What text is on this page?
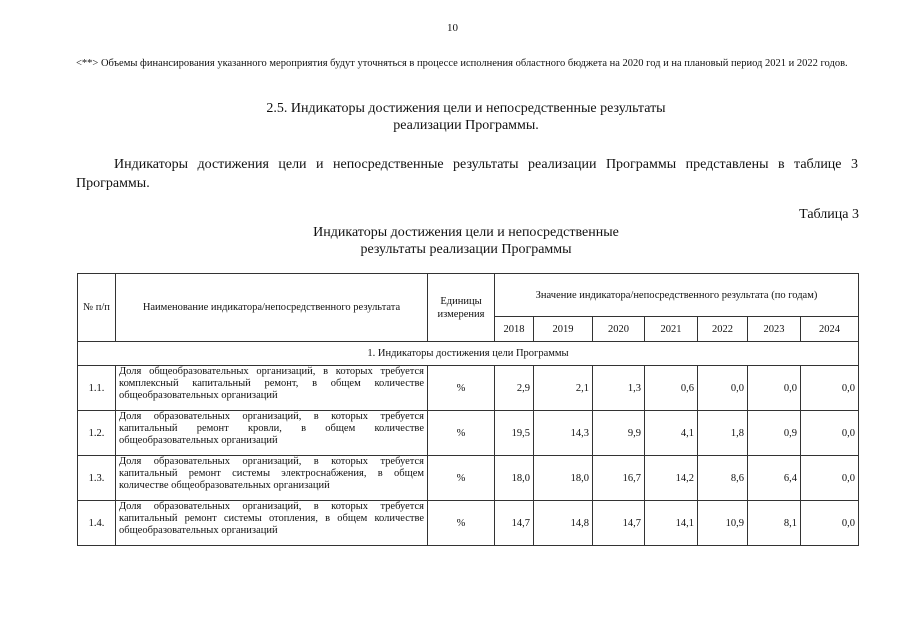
10
<**> Объемы финансирования указанного мероприятия будут уточняться в процессе исполнения областного бюджета на 2020 год и на плановый период 2021 и 2022 годов.
2.5. Индикаторы достижения цели и непосредственные результаты
реализации Программы.
Индикаторы достижения цели и непосредственные результаты реализации Программы представлены в таблице 3 Программы.
Таблица 3
Индикаторы достижения цели и непосредственные
результаты реализации Программы
№ п/п	Наименование индикатора/непосредственного результата	Единицы измерения	Значение индикатора/непосредственного результата (по годам)						
			2018	2019	2020	2021	2022	2023	2024
1. Индикаторы достижения цели Программы									
1.1.	Доля общеобразовательных организаций, в которых требуется комплексный капитальный ремонт, в общем количестве общеобразовательных организаций	%	2,9	2,1	1,3	0,6	0,0	0,0	0,0
1.2.	Доля образовательных организаций, в которых требуется капитальный ремонт кровли, в общем количестве общеобразовательных организаций	%	19,5	14,3	9,9	4,1	1,8	0,9	0,0
1.3.	Доля образовательных организаций, в которых требуется капитальный ремонт системы электроснабжения, в общем количестве общеобразовательных организаций	%	18,0	18,0	16,7	14,2	8,6	6,4	0,0
1.4.	Доля образовательных организаций, в которых требуется капитальный ремонт системы отопления, в общем количестве общеобразовательных организаций	%	14,7	14,8	14,7	14,1	10,9	8,1	0,0
